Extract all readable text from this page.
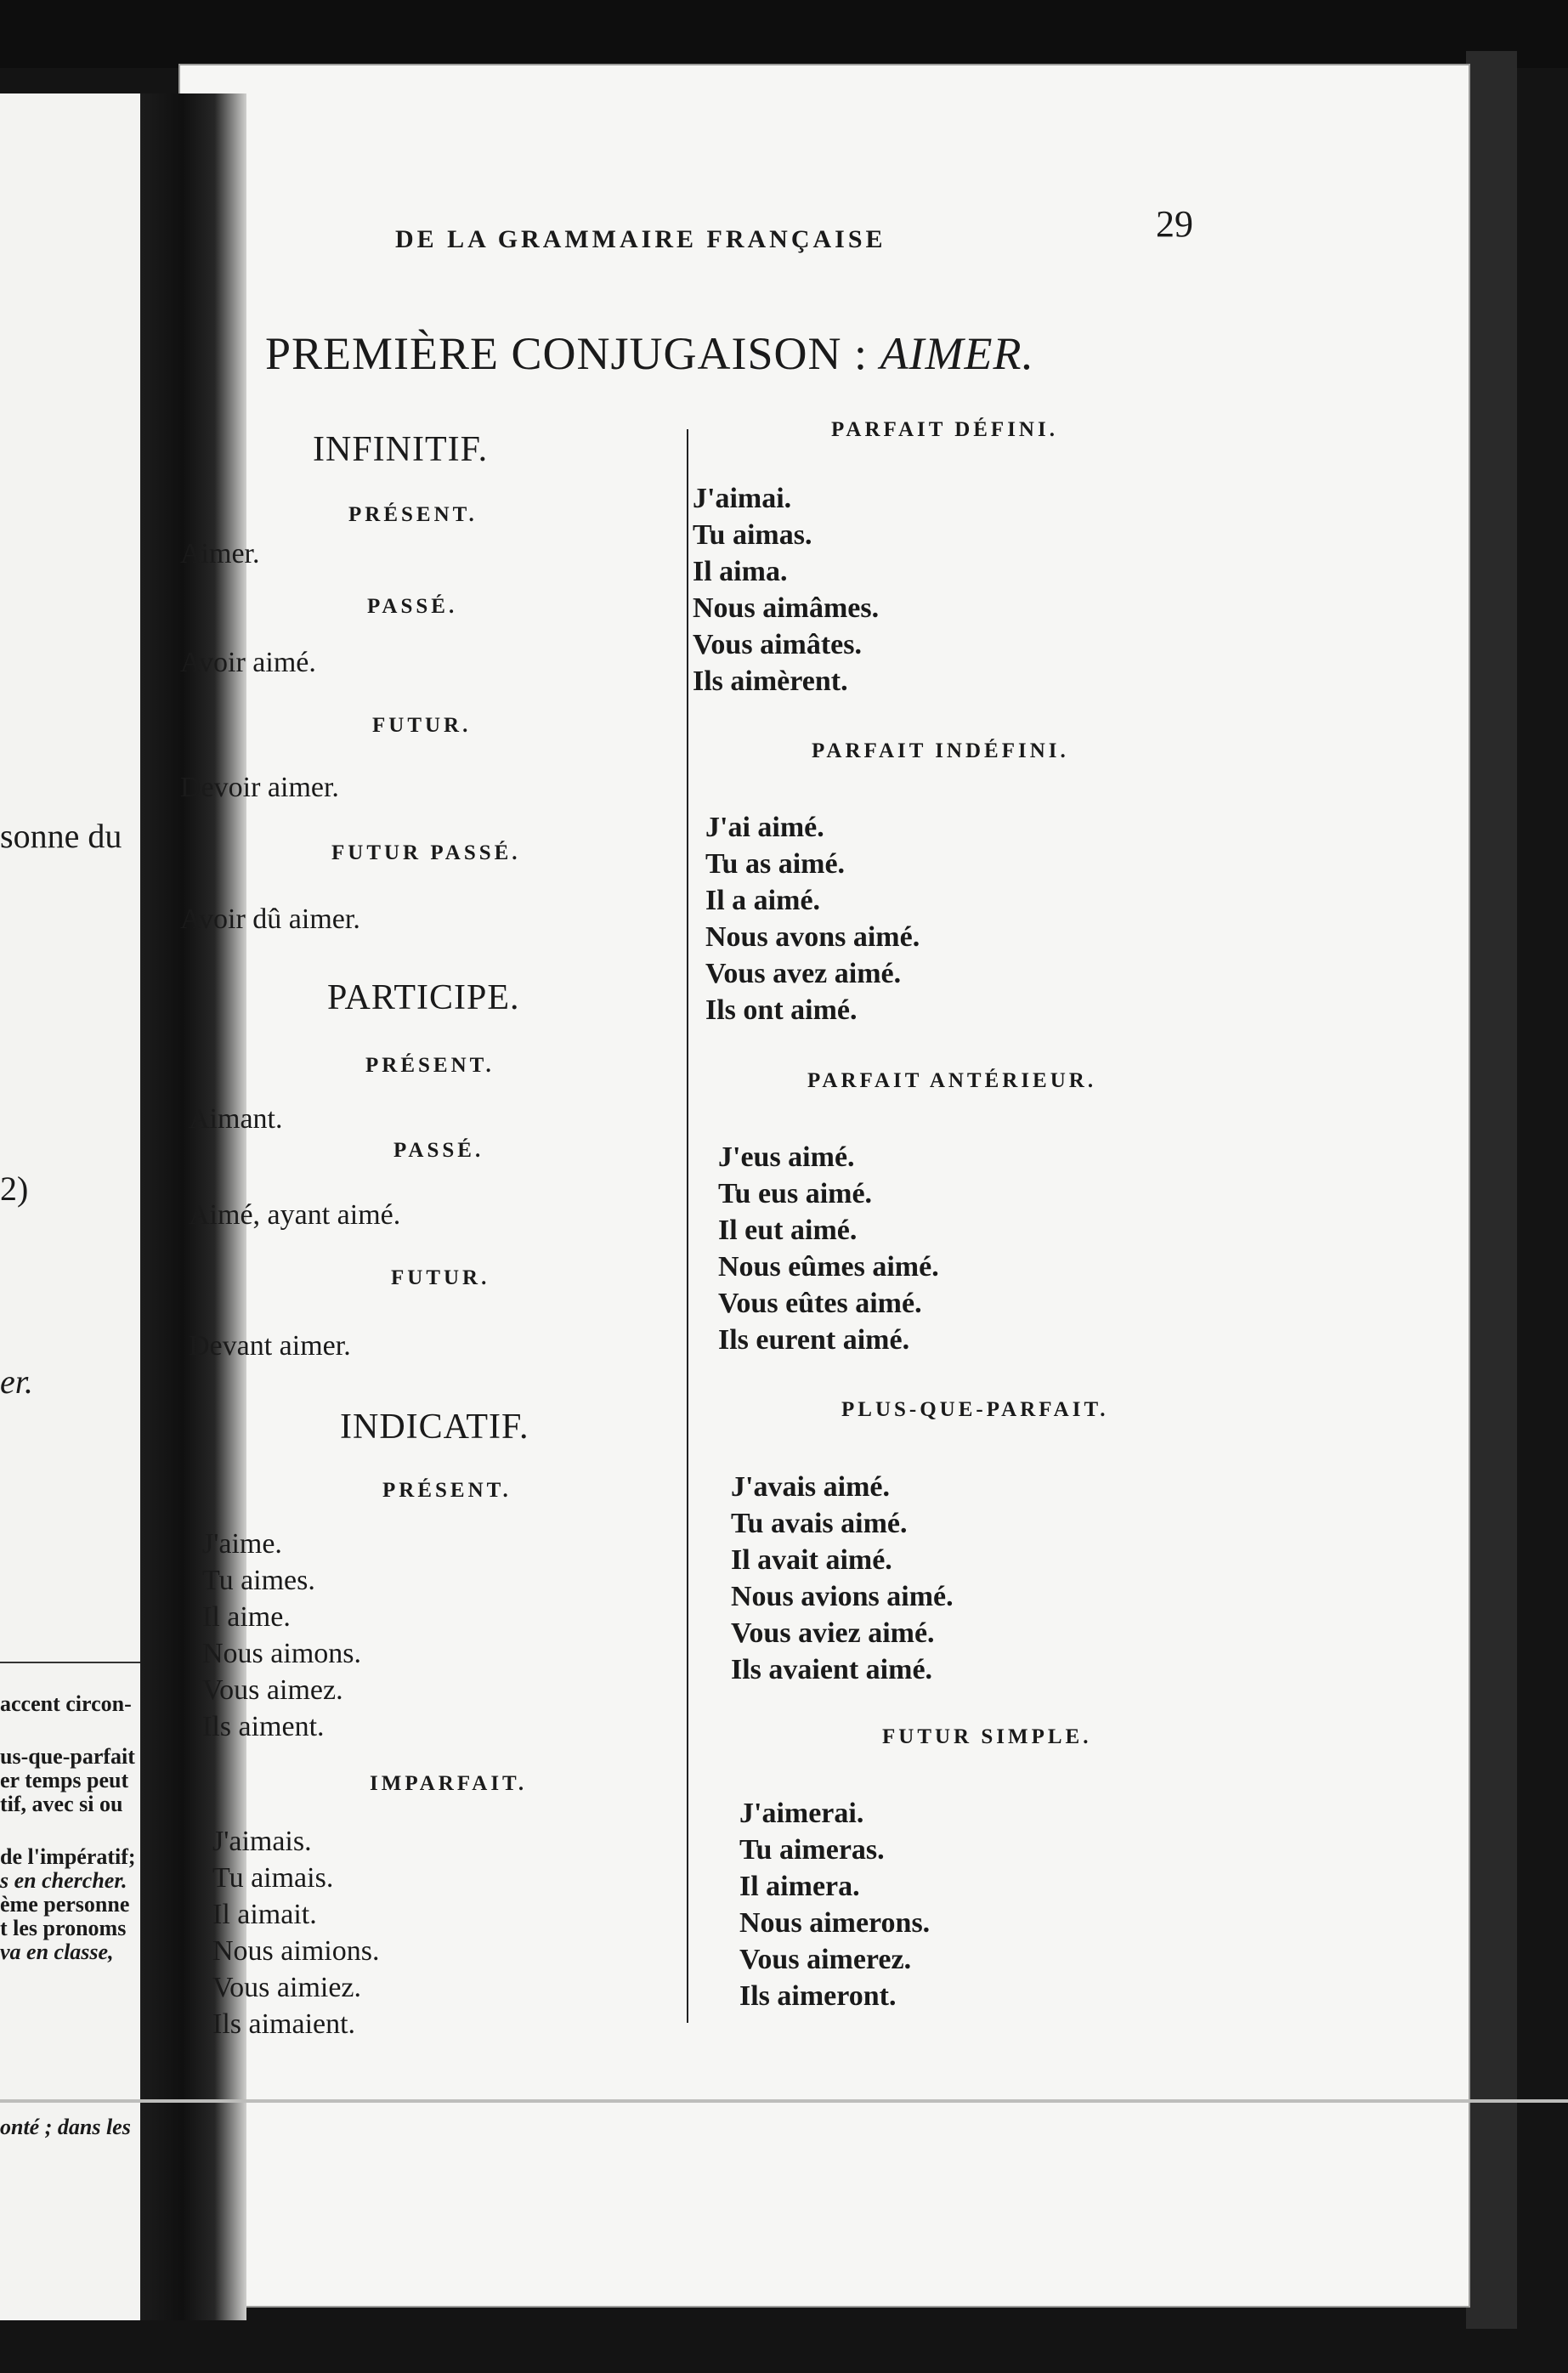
sonne du
2)
er.
accent circon-
us-que-parfait
er temps peut
tif, avec si ou
de l'impératif;
s en chercher.
ème personne
t les pronoms
va en classe,
onté ; dans les
DE LA GRAMMAIRE FRANÇAISE	29
PREMIÈRE CONJUGAISON : AIMER.
INFINITIF.
PRÉSENT.
Aimer.
PASSÉ.
Avoir aimé.
FUTUR.
Devoir aimer.
FUTUR PASSÉ.
Avoir dû aimer.
PARTICIPE.
PRÉSENT.
Aimant.
PASSÉ.
Aimé, ayant aimé.
FUTUR.
Devant aimer.
INDICATIF.
PRÉSENT.
J'aime.
Tu aimes.
Il aime.
Nous aimons.
Vous aimez.
Ils aiment.
IMPARFAIT.
J'aimais.
Tu aimais.
Il aimait.
Nous aimions.
Vous aimiez.
Ils aimaient.
PARFAIT DÉFINI.
J'aimai.
Tu aimas.
Il aima.
Nous aimâmes.
Vous aimâtes.
Ils aimèrent.
PARFAIT INDÉFINI.
J'ai aimé.
Tu as aimé.
Il a aimé.
Nous avons aimé.
Vous avez aimé.
Ils ont aimé.
PARFAIT ANTÉRIEUR.
J'eus aimé.
Tu eus aimé.
Il eut aimé.
Nous eûmes aimé.
Vous eûtes aimé.
Ils eurent aimé.
PLUS-QUE-PARFAIT.
J'avais aimé.
Tu avais aimé.
Il avait aimé.
Nous avions aimé.
Vous aviez aimé.
Ils avaient aimé.
FUTUR SIMPLE.
J'aimerai.
Tu aimeras.
Il aimera.
Nous aimerons.
Vous aimerez.
Ils aimeront.
